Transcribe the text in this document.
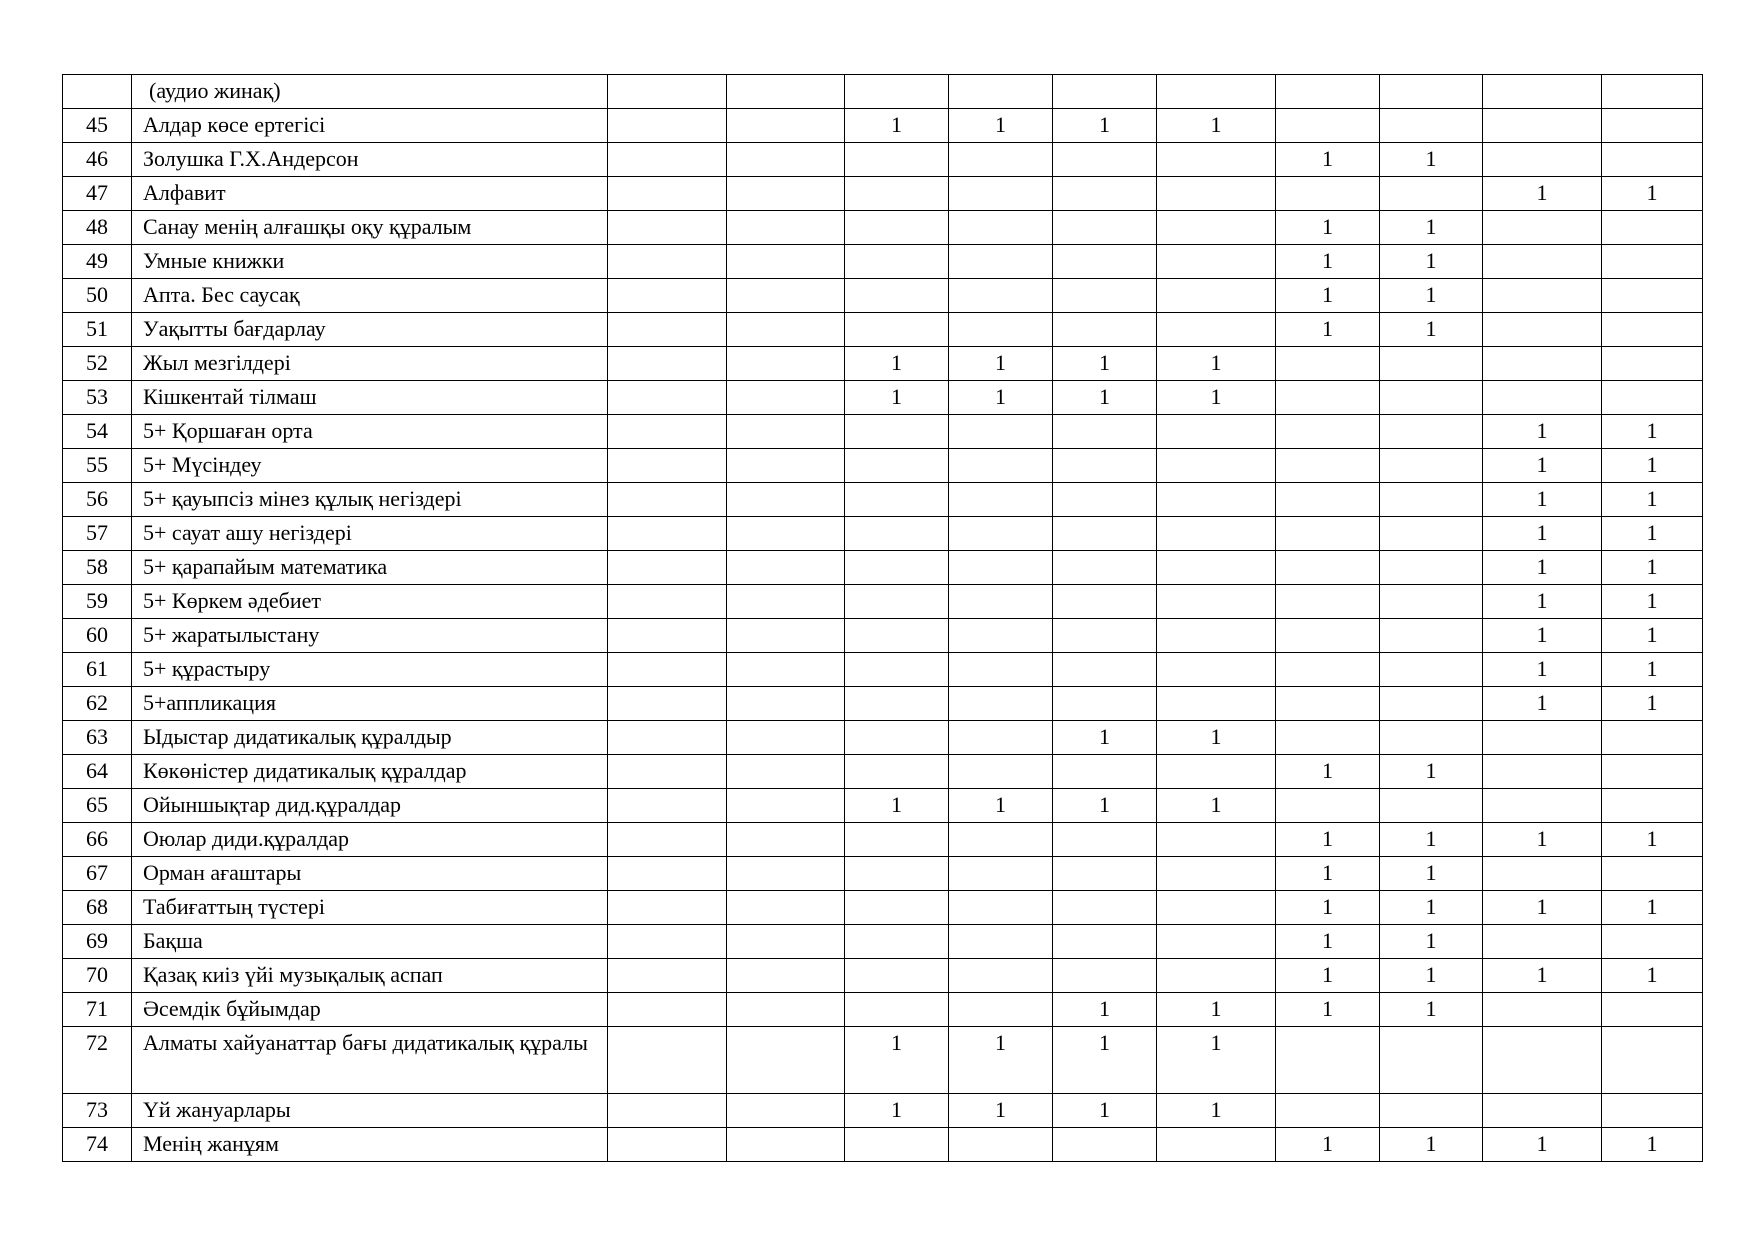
	(аудио жинақ)										
45	Алдар көсе ертегісі			1	1	1	1				
46	Золушка Г.Х.Андерсон							1	1		
47	Алфавит									1	1
48	Санау менің алғашқы оқу құралым							1	1		
49	Умные книжки							1	1		
50	Апта. Бес саусақ							1	1		
51	Уақытты бағдарлау							1	1		
52	Жыл мезгілдері			1	1	1	1				
53	Кішкентай тілмаш			1	1	1	1				
54	5+ Қоршаған орта									1	1
55	5+ Мүсіндеу									1	1
56	5+ қауыпсіз мінез құлық негіздері									1	1
57	5+ сауат ашу негіздері									1	1
58	5+ қарапайым математика									1	1
59	5+ Көркем әдебиет									1	1
60	5+ жаратылыстану									1	1
61	5+ құрастыру									1	1
62	5+аппликация									1	1
63	Ыдыстар дидатикалық құралдыр					1	1				
64	Көкөністер дидатикалық құралдар							1	1		
65	Ойыншықтар дид.құралдар			1	1	1	1				
66	Оюлар диди.құралдар							1	1	1	1
67	Орман ағаштары							1	1		
68	Табиғаттың түстері							1	1	1	1
69	Бақша							1	1		
70	Қазақ киіз үйі музықалық аспап							1	1	1	1
71	Әсемдік бұйымдар					1	1	1	1		
72	Алматы хайуанаттар бағы дидатикалық құралы			1	1	1	1				
73	Үй жануарлары			1	1	1	1				
74	Менің жанұям							1	1	1	1
